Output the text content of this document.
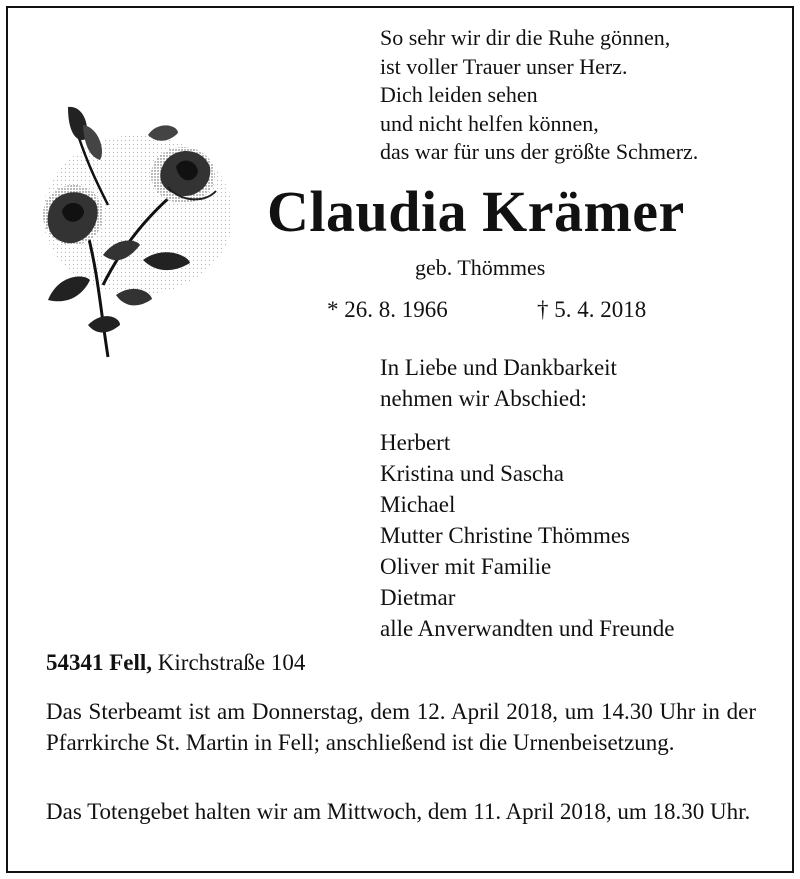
So sehr wir dir die Ruhe gönnen,
ist voller Trauer unser Herz.
Dich leiden sehen
und nicht helfen können,
das war für uns der größte Schmerz.
Claudia Krämer
geb. Thömmes
* 26. 8. 1966	† 5. 4. 2018
In Liebe und Dankbarkeit
nehmen wir Abschied:
Herbert
Kristina und Sascha
Michael
Mutter Christine Thömmes
Oliver mit Familie
Dietmar
alle Anverwandten und Freunde
54341 Fell, Kirchstraße 104
Das Sterbeamt ist am Donnerstag, dem 12. April 2018, um 14.30 Uhr in der Pfarrkirche St. Martin in Fell; anschließend ist die Urnenbeisetzung.
Das Totengebet halten wir am Mittwoch, dem 11. April 2018, um 18.30 Uhr.
